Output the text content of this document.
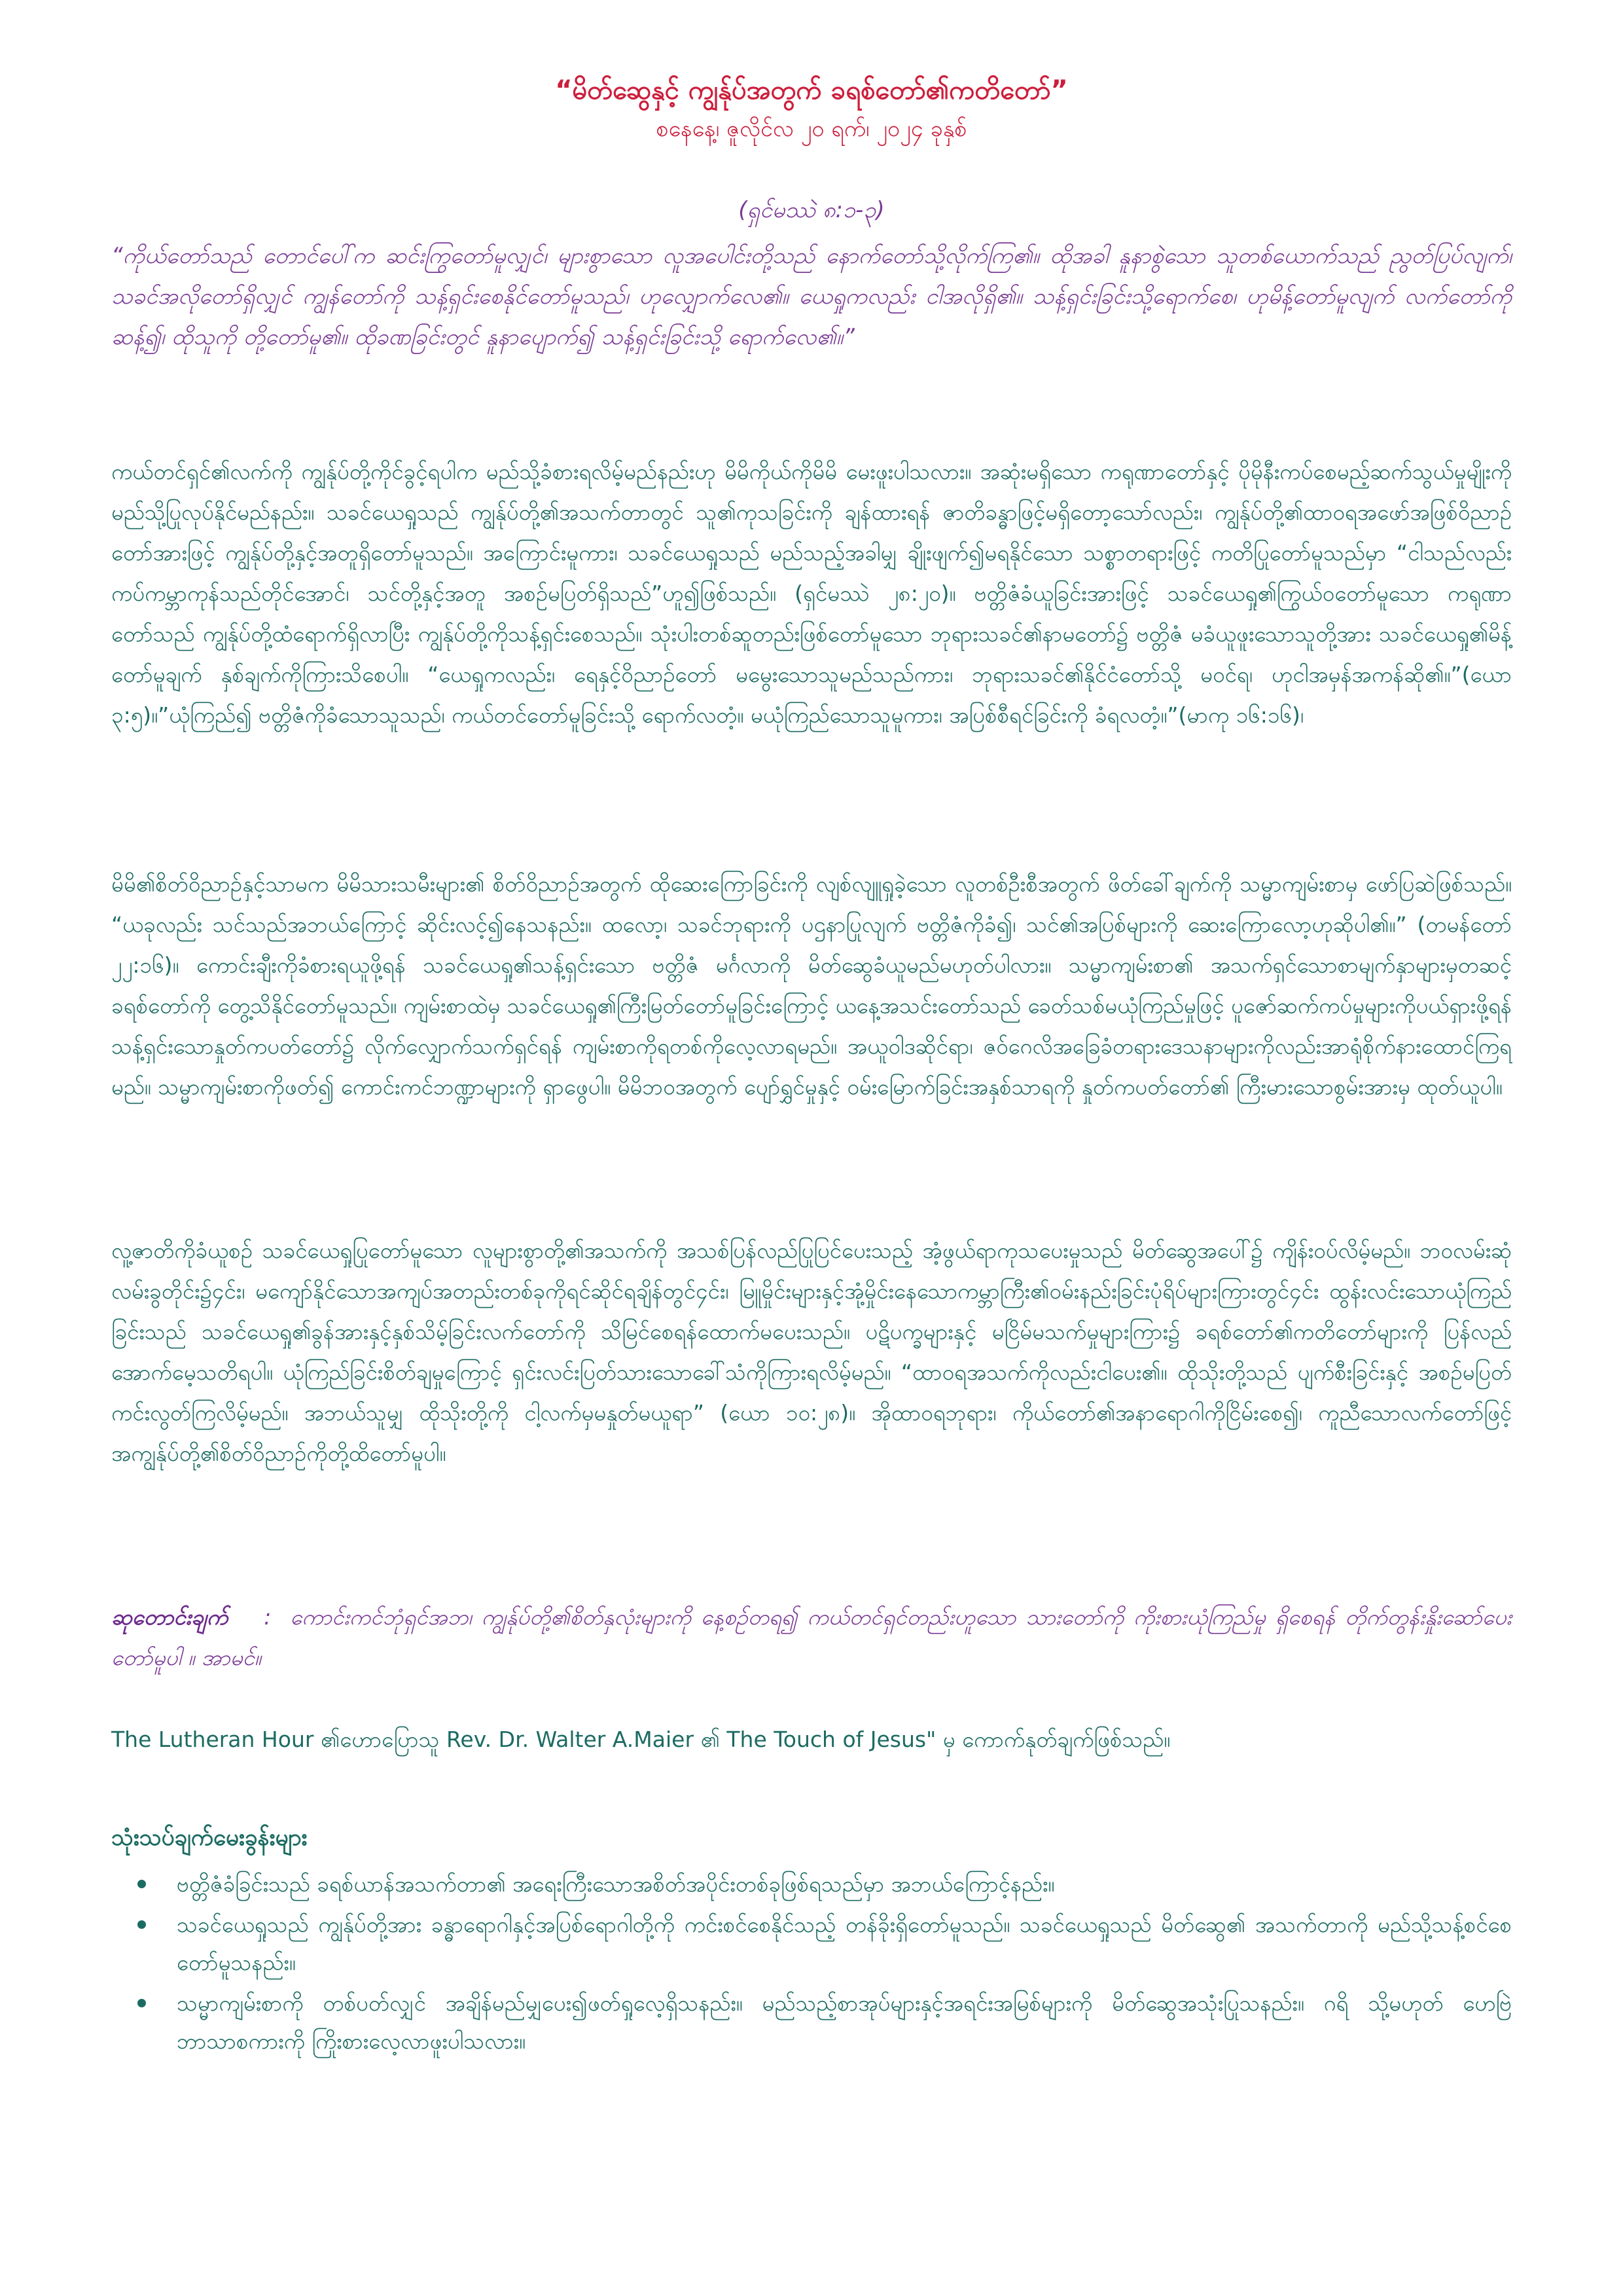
“မိတ်ဆွေနှင့် ကျွန်ုပ်အတွက် ခရစ်တော်၏ကတိတော်”
စနေနေ့၊ ဇူလိုင်လ ၂၀ ရက်၊ ၂၀၂၄ ခုနှစ်
(ရှင်မဿဲ ၈:၁-၃)
“ကိုယ်တော်သည် တောင်ပေါ်က ဆင်းကြွတော်မူလျှင်၊ များစွာသော လူအပေါင်းတို့သည် နောက်တော်သို့လိုက်ကြ၏။ ထိုအခါ နူနာစွဲသော သူတစ်ယောက်သည် ညွတ်ပြပ်လျက်၊ သခင်အလိုတော်ရှိလျှင် ကျွန်တော်ကို သန့်ရှင်းစေနိုင်တော်မူသည်၊ ဟုလျှောက်လေ၏။ ယေရှုကလည်း ငါအလိုရှိ၏။ သန့်ရှင်းခြင်းသို့ရောက်စေ၊ ဟုမိန့်တော်မူလျက် လက်တော်ကိုဆန့်၍၊ ထိုသူကို တို့တော်မူ၏။ ထိုခဏခြင်းတွင် နူနာပျောက်၍ သန့်ရှင်းခြင်းသို့ ရောက်လေ၏။”
ကယ်တင်ရှင်၏လက်ကို ကျွန်ုပ်တို့ကိုင်ခွင့်ရပါက မည်သို့ခံစားရလိမ့်မည်နည်းဟု မိမိကိုယ်ကိုမိမိ မေးဖူးပါသလား။ အဆုံးမရှိသော ကရုဏာတော်နှင့် ပိုမိုနီးကပ်စေမည့်ဆက်သွယ်မှုမျိုးကို မည်သို့ပြုလုပ်နိုင်မည်နည်း။ သခင်ယေရှုသည် ကျွန်ုပ်တို့၏အသက်တာတွင် သူ၏ကုသခြင်းကို ချန်ထားရန် ဇာတိခန္ဓာဖြင့်မရှိတော့သော်လည်း၊ ကျွန်ုပ်တို့၏ထာဝရအဖော်အဖြစ်ဝိညာဉ်တော်အားဖြင့် ကျွန်ုပ်တို့နှင့်အတူရှိတော်မူသည်။ အကြောင်းမူကား၊ သခင်ယေရှုသည် မည်သည့်အခါမျှ ချိုးဖျက်၍မရနိုင်သော သစ္စာတရားဖြင့် ကတိပြုတော်မူသည်မှာ “ငါသည်လည်း ကပ်ကမ္ဘာကုန်သည်တိုင်အောင်၊ သင်တို့နှင့်အတူ အစဉ်မပြတ်ရှိသည်”ဟူ၍ဖြစ်သည်။ (ရှင်မဿဲ ၂၈:၂၀)။ ဗတ္တိဇံခံယူခြင်းအားဖြင့် သခင်ယေရှု၏ကြွယ်ဝတော်မူသော ကရုဏာတော်သည် ကျွန်ုပ်တို့ထံရောက်ရှိလာပြီး ကျွန်ုပ်တို့ကိုသန့်ရှင်းစေသည်။ သုံးပါးတစ်ဆူတည်းဖြစ်တော်မူသော ဘုရားသခင်၏နာမတော်၌ ဗတ္တိဇံ မခံယူဖူးသောသူတို့အား သခင်ယေရှု၏မိန့်တော်မူချက် နှစ်ချက်ကိုကြားသိစေပါ။ “ယေရှုကလည်း၊ ရေနှင့်ဝိညာဉ်တော် မမွေးသောသူမည်သည်ကား၊ ဘုရားသခင်၏နိုင်ငံတော်သို့ မဝင်ရ၊ ဟုငါအမှန်အကန်ဆို၏။”(ယော ၃:၅)။”ယုံကြည်၍ ဗတ္တိဇံကိုခံသောသူသည်၊ ကယ်တင်တော်မူခြင်းသို့ ရောက်လတံ့။ မယုံကြည်သောသူမူကား၊ အပြစ်စီရင်ခြင်းကို ခံရလတံ့။”(မာကု ၁၆:၁၆)၊
မိမိ၏စိတ်ဝိညာဉ်နှင့်သာမက မိမိသားသမီးများ၏ စိတ်ဝိညာဉ်အတွက် ထိုဆေးကြောခြင်းကို လျစ်လျူရှုခဲ့သော လူတစ်ဦးစီအတွက် ဖိတ်ခေါ်ချက်ကို သမ္မာကျမ်းစာမှ ဖော်ပြဆဲဖြစ်သည်။ “ယခုလည်း သင်သည်အဘယ်ကြောင့် ဆိုင်းလင့်၍နေသနည်း။ ထလော့၊ သခင်ဘုရားကို ပဌနာပြုလျက် ဗတ္တိဇံကိုခံ၍၊ သင်၏အပြစ်များကို ဆေးကြောလော့ဟုဆိုပါ၏။” (တမန်တော် ၂၂:၁၆)။ ကောင်းချီးကိုခံစားရယူဖို့ရန် သခင်ယေရှု၏သန့်ရှင်းသော ဗတ္တိဇံ မင်္ဂလာကို မိတ်ဆွေခံယူမည်မဟုတ်ပါလား။ သမ္မာကျမ်းစာ၏ အသက်ရှင်သောစာမျက်နှာများမှတဆင့်ခရစ်တော်ကို တွေ့သိနိုင်တော်မူသည်။ ကျမ်းစာထဲမှ သခင်ယေရှု၏ကြီးမြတ်တော်မူခြင်းကြောင့် ယနေ့အသင်းတော်သည် ခေတ်သစ်မယုံကြည်မှုဖြင့် ပူဇော်ဆက်ကပ်မှုများကိုပယ်ရှားဖို့ရန် သန့်ရှင်းသောနှုတ်ကပတ်တော်၌ လိုက်လျှောက်သက်ရှင်ရန် ကျမ်းစာကိုရတစ်ကိုလေ့လာရမည်။ အယူဝါဒဆိုင်ရာ၊ ဇဝ်ဂေလိအခြေခံတရားဒေသနာများကိုလည်းအာရုံစိုက်နားထောင်ကြရမည်။ သမ္မာကျမ်းစာကိုဖတ်၍ ကောင်းကင်ဘဏ္ဍာများကို ရှာဖွေပါ။ မိမိဘဝအတွက် ပျော်ရွှင်မှုနှင့် ဝမ်းမြောက်ခြင်းအနှစ်သာရကို နှုတ်ကပတ်တော်၏ ကြီးမားသောစွမ်းအားမှ ထုတ်ယူပါ။
လူ့ဇာတိကိုခံယူစဉ် သခင်ယေရှုပြုတော်မူသော လူများစွာတို့၏အသက်ကို အသစ်ပြန်လည်ပြုပြင်ပေးသည့် အံ့ဖွယ်ရာကုသပေးမှုသည် မိတ်ဆွေအပေါ်၌ ကျိန်းဝပ်လိမ့်မည်။ ဘဝလမ်းဆုံလမ်းခွတိုင်း၌၄င်း၊ မကျော်နိုင်သောအကျပ်အတည်းတစ်ခုကိုရင်ဆိုင်ရချိန်တွင်၄င်း၊ မြူမှိုင်းများနှင့်အုံ့မှိုင်းနေသောကမ္ဘာကြီး၏ဝမ်းနည်းခြင်းပုံရိပ်များကြားတွင်၄င်း ထွန်းလင်းသောယုံကြည်ခြင်းသည် သခင်ယေရှု၏ခွန်အားနှင့်နှစ်သိမ့်ခြင်းလက်တော်ကို သိမြင်စေရန်ထောက်မပေးသည်။ ပဋိပက္ခများနှင့် မငြိမ်မသက်မှုများကြား၌ ခရစ်တော်၏ကတိတော်များကို ပြန်လည်အောက်မေ့သတိရပါ။ ယုံကြည်ခြင်းစိတ်ချမှုကြောင့် ရှင်းလင်းပြတ်သားသောခေါ်သံကိုကြားရလိမ့်မည်။ “ထာဝရအသက်ကိုလည်းငါပေး၏။ ထိုသိုးတို့သည် ပျက်စီးခြင်းနှင့် အစဉ်မပြတ်ကင်းလွတ်ကြလိမ့်မည်။ အဘယ်သူမျှ ထိုသိုးတို့ကို ငါ့လက်မှမနှုတ်မယူရာ” (ယော ၁၀:၂၈)။ အိုထာဝရဘုရား၊ ကိုယ်တော်၏အနာရောဂါကိုငြိမ်းစေ၍၊ ကူညီသောလက်တော်ဖြင့် အကျွန်ုပ်တို့၏စိတ်ဝိညာဉ်ကိုတို့ထိတော်မူပါ။
ဆုတောင်းချက် : ကောင်းကင်ဘုံရှင်အဘ၊ ကျွန်ုပ်တို့၏စိတ်နှလုံးများကို နေ့စဉ်တရ၍ ကယ်တင်ရှင်တည်းဟူသော သားတော်ကို ကိုးစားယုံကြည်မှု ရှိစေရန် တိုက်တွန်းနှိုးဆော်ပေးတော်မူပါ ။ အာမင်။
The Lutheran Hour ၏ဟောပြောသူ Rev. Dr. Walter A.Maier ၏ The Touch of Jesus" မှ ကောက်နုတ်ချက်ဖြစ်သည်။
သုံးသပ်ချက်မေးခွန်းများ
ဗတ္တိဇံခံခြင်းသည် ခရစ်ယာန်အသက်တာ၏ အရေးကြီးသောအစိတ်အပိုင်းတစ်ခုဖြစ်ရသည်မှာ အဘယ်ကြောင့်နည်း။
သခင်ယေရှုသည် ကျွန်ုပ်တို့အား ခန္ဓာရောဂါနှင့်အပြစ်ရောဂါတို့ကို ကင်းစင်စေနိုင်သည့် တန်ခိုးရှိတော်မူသည်။ သခင်ယေရှုသည် မိတ်ဆွေ၏ အသက်တာကို မည်သို့သန့်စင်စေတော်မူသနည်း။
သမ္မာကျမ်းစာကို တစ်ပတ်လျှင် အချိန်မည်မျှပေး၍ဖတ်ရှုလေ့ရှိသနည်း။ မည်သည့်စာအုပ်များနှင့်အရင်းအမြစ်များကို မိတ်ဆွေအသုံးပြုသနည်း။ ဂရိ သို့မဟုတ် ဟေဗြဲဘာသာစကားကို ကြိုးစားလေ့လာဖူးပါသလား။
